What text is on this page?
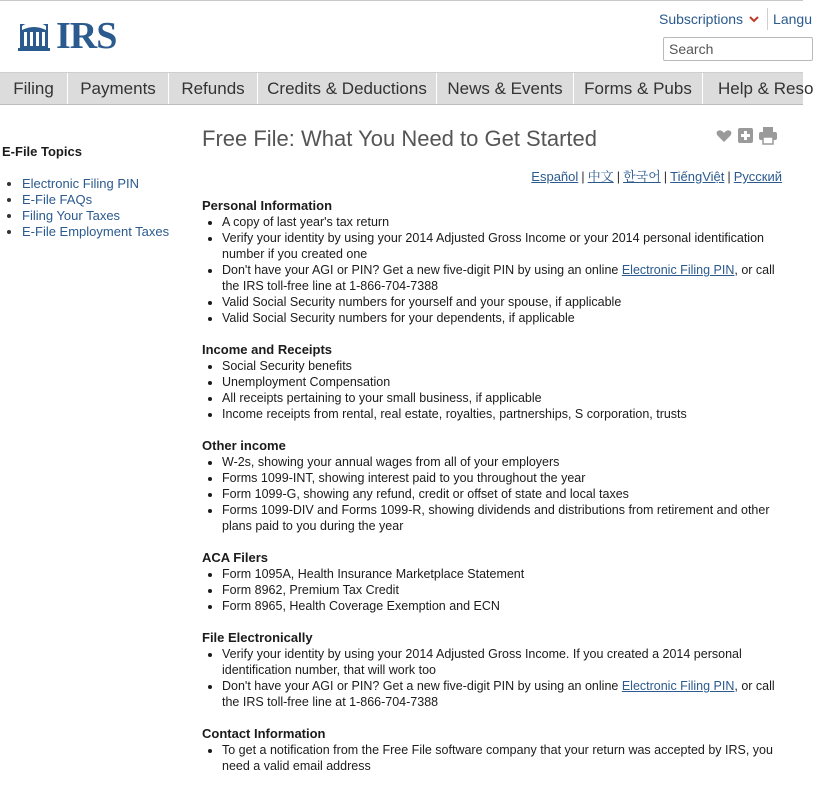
IRS	Subscriptions Langu
Search
Filing	Payments	Refunds	Credits & Deductions	News & Events	Forms & Pubs	Help & Reso

E-File Topics

• Electronic Filing PIN
• E-File FAQs
• Filing Your Taxes
• E-File Employment Taxes
Free File: What You Need to Get Started
Español | 中文 | 한국어 | TiếngViệt | Русский

Personal Information

• A copy of last year's tax return
• Verify your identity by using your 2014 Adjusted Gross Income or your 2014 personal identification number if you created one
• Don't have your AGI or PIN? Get a new five-digit PIN by using an online Electronic Filing PIN, or call the IRS toll-free line at 1-866-704-7388
• Valid Social Security numbers for yourself and your spouse, if applicable
• Valid Social Security numbers for your dependents, if applicable

Income and Receipts

• Social Security benefits
• Unemployment Compensation
• All receipts pertaining to your small business, if applicable
• Income receipts from rental, real estate, royalties, partnerships, S corporation, trusts

Other income

• W-2s, showing your annual wages from all of your employers
• Forms 1099-INT, showing interest paid to you throughout the year
• Form 1099-G, showing any refund, credit or offset of state and local taxes
• Forms 1099-DIV and Forms 1099-R, showing dividends and distributions from retirement and other plans paid to you during the year

ACA Filers

• Form 1095A, Health Insurance Marketplace Statement
• Form 8962, Premium Tax Credit
• Form 8965, Health Coverage Exemption and ECN

File Electronically

• Verify your identity by using your 2014 Adjusted Gross Income. If you created a 2014 personal identification number, that will work too
• Don't have your AGI or PIN? Get a new five-digit PIN by using an online Electronic Filing PIN, or call the IRS toll-free line at 1-866-704-7388

Contact Information

• To get a notification from the Free File software company that your return was accepted by IRS, you need a valid email address
